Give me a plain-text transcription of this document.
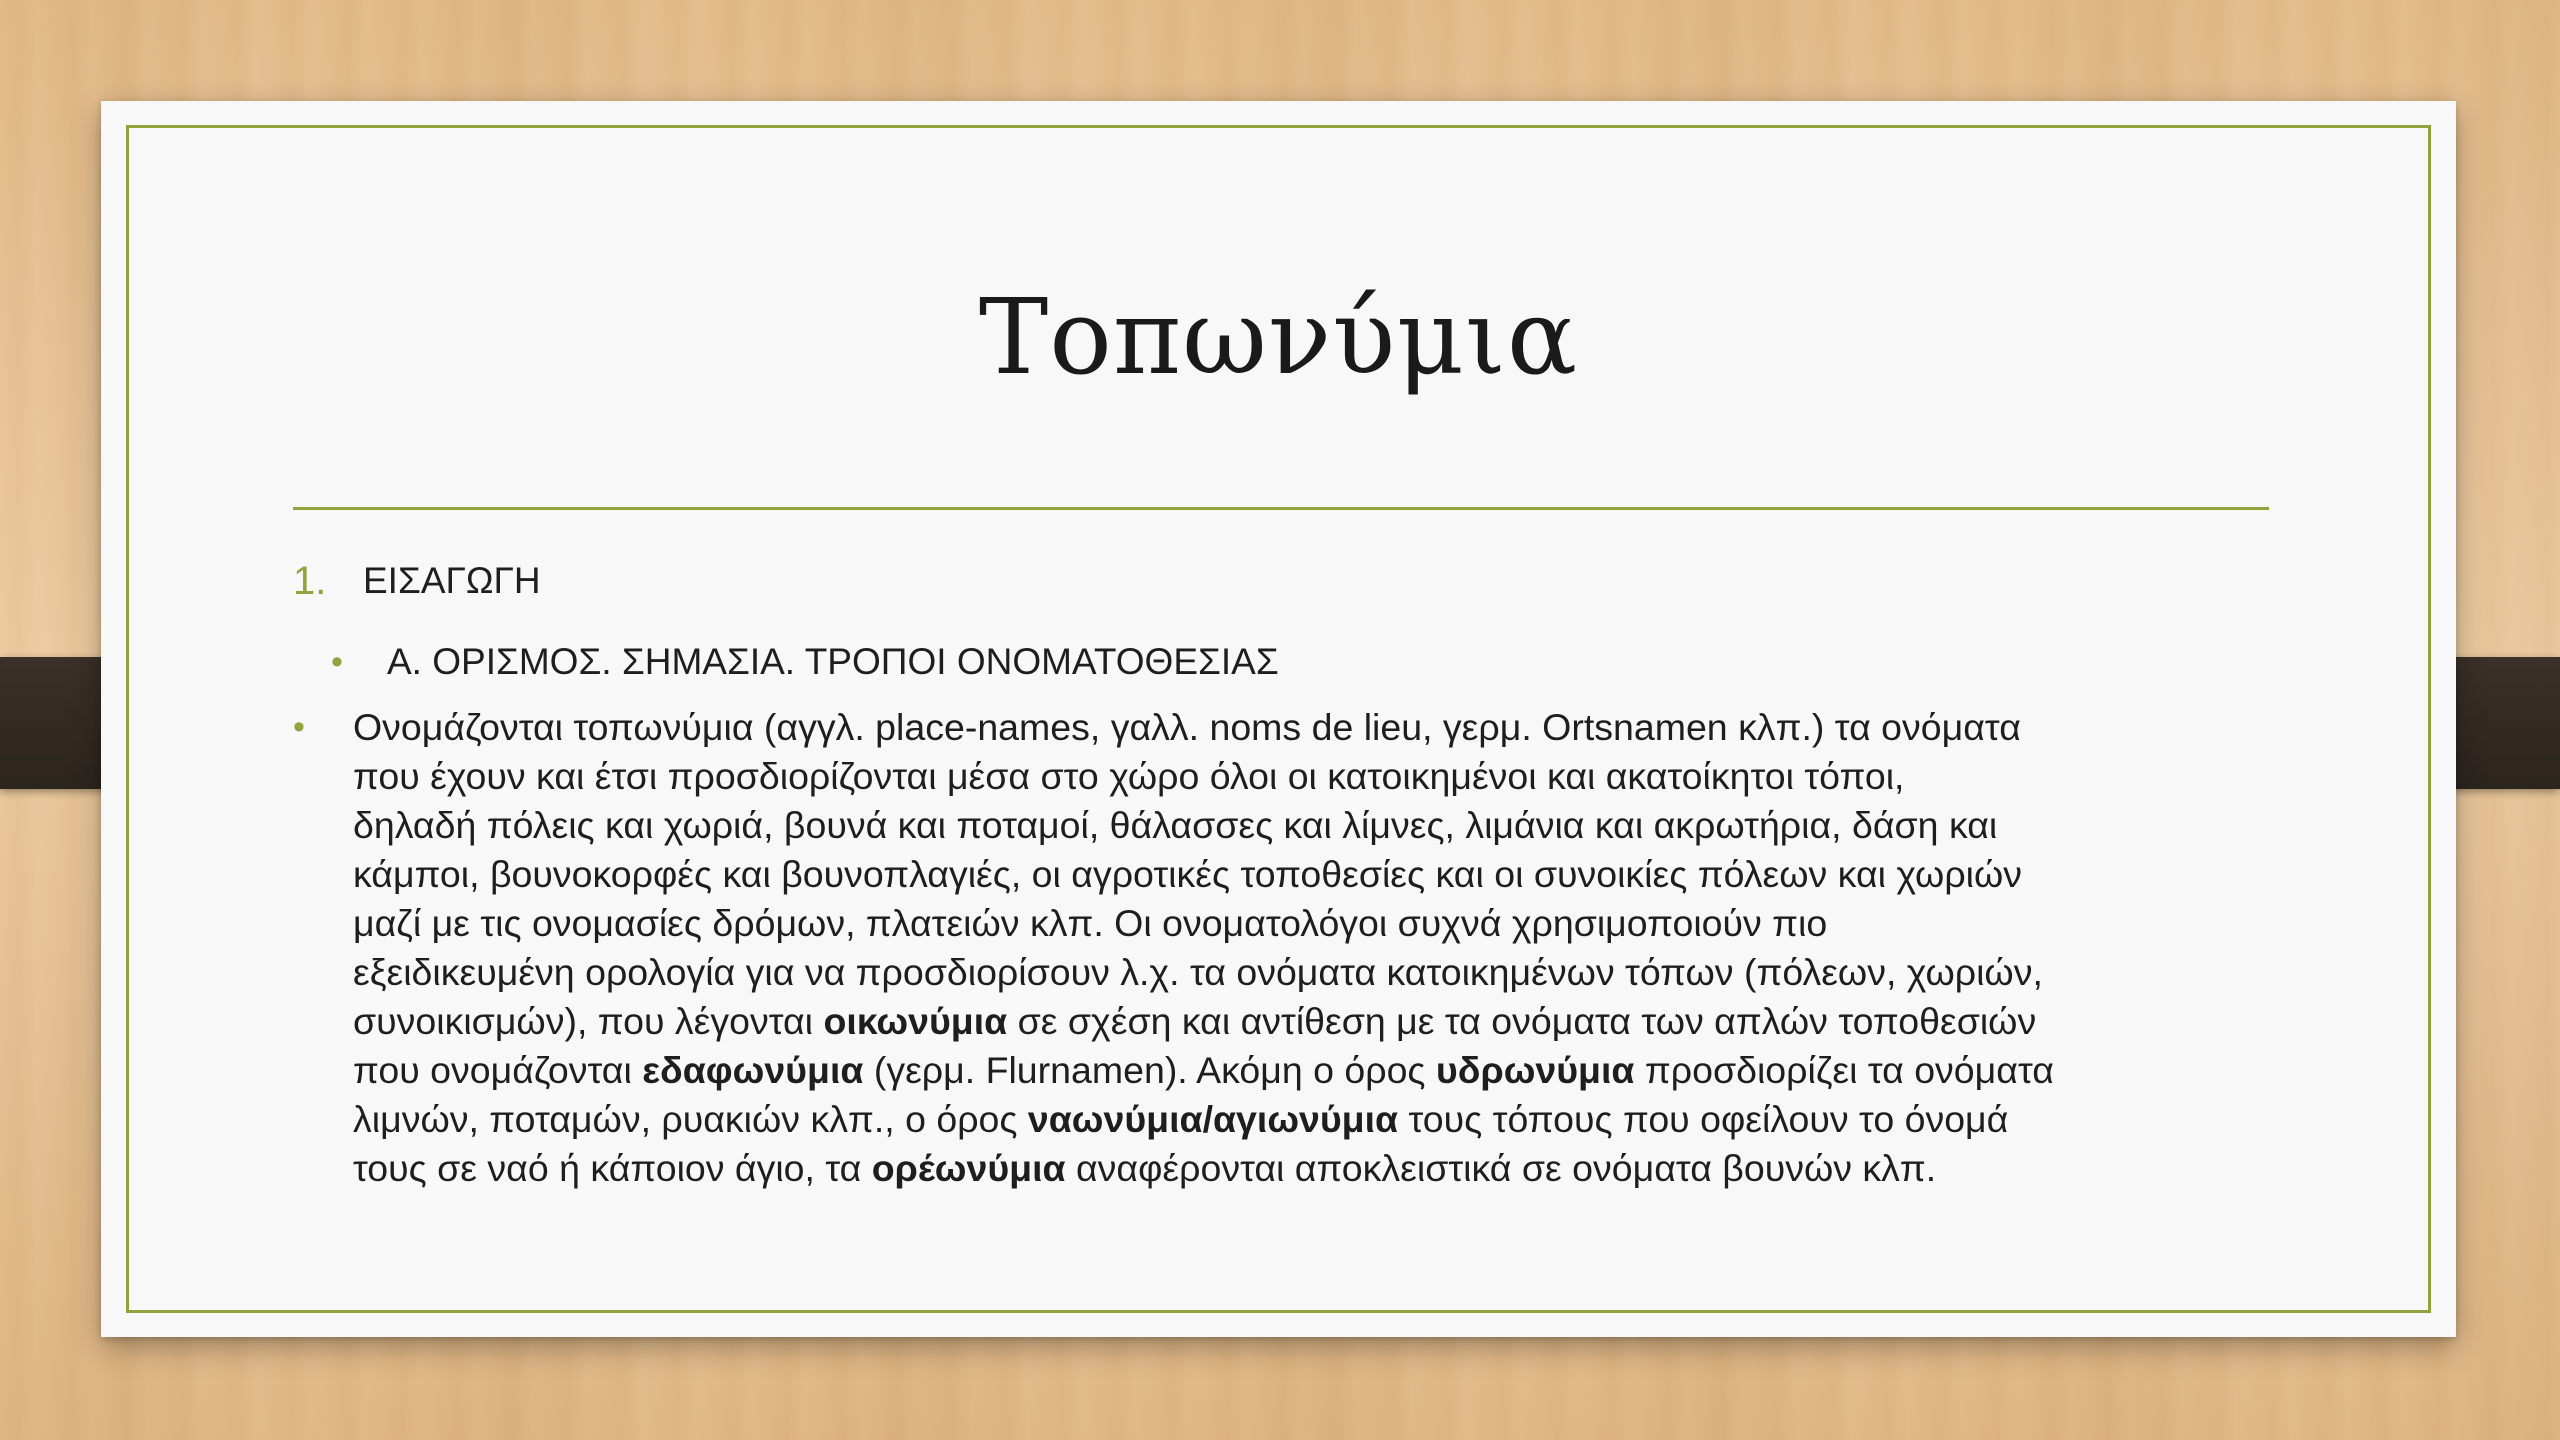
Τοπωνύμια
1. ΕΙΣΑΓΩΓΗ
• Α. ΟΡΙΣΜΟΣ. ΣΗΜΑΣΙΑ. ΤΡΟΠΟΙ ΟΝΟΜΑΤΟΘΕΣΙΑΣ
• Ονομάζονται τοπωνύμια (αγγλ. place-names, γαλλ. noms de lieu, γερμ. Ortsnamen κλπ.) τα ονόματα
που έχουν και έτσι προσδιορίζονται μέσα στο χώρο όλοι οι κατοικημένοι και ακατοίκητοι τόποι,
δηλαδή πόλεις και χωριά, βουνά και ποταμοί, θάλασσες και λίμνες, λιμάνια και ακρωτήρια, δάση και
κάμποι, βουνοκορφές και βουνοπλαγιές, οι αγροτικές τοποθεσίες και οι συνοικίες πόλεων και χωριών
μαζί με τις ονομασίες δρόμων, πλατειών κλπ. Οι ονοματολόγοι συχνά χρησιμοποιούν πιο
εξειδικευμένη ορολογία για να προσδιορίσουν λ.χ. τα ονόματα κατοικημένων τόπων (πόλεων, χωριών,
συνοικισμών), που λέγονται οικωνύμια σε σχέση και αντίθεση με τα ονόματα των απλών τοποθεσιών
που ονομάζονται εδαφωνύμια (γερμ. Flurnamen). Ακόμη ο όρος υδρωνύμια προσδιορίζει τα ονόματα
λιμνών, ποταμών, ρυακιών κλπ., ο όρος ναωνύμια/αγιωνύμια τους τόπους που οφείλουν το όνομά
τους σε ναό ή κάποιον άγιο, τα ορέωνύμια αναφέρονται αποκλειστικά σε ονόματα βουνών κλπ.
